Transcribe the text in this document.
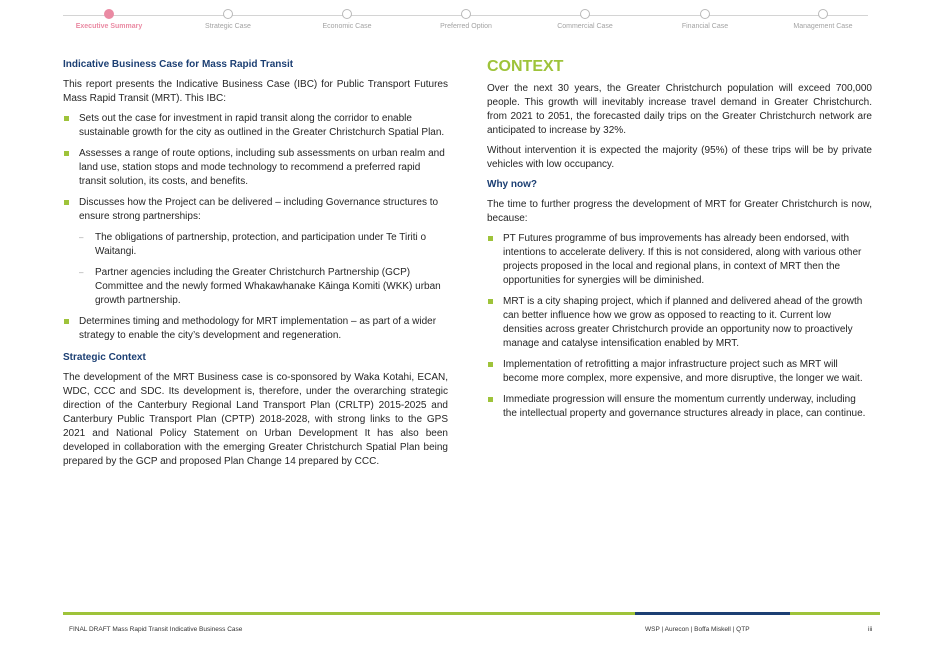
Executive Summary	Strategic Case	Economic Case	Preferred Option	Commercial Case	Financial Case	Management Case
Indicative Business Case for Mass Rapid Transit

This report presents the Indicative Business Case (IBC) for Public Transport Futures Mass Rapid Transit (MRT). This IBC:

Sets out the case for investment in rapid transit along the corridor to enable sustainable growth for the city as outlined in the Greater Christchurch Spatial Plan.
Assesses a range of route options, including sub assessments on urban realm and land use, station stops and mode technology to recommend a preferred rapid transit solution, its costs, and benefits.
Discusses how the Project can be delivered – including Governance structures to ensure strong partnerships:
– The obligations of partnership, protection, and participation under Te Tiriti o Waitangi.
– Partner agencies including the Greater Christchurch Partnership (GCP) Committee and the newly formed Whakawhanake Kāinga Komiti (WKK) urban growth partnership.
Determines timing and methodology for MRT implementation – as part of a wider strategy to enable the city’s development and regeneration.
Strategic Context

The development of the MRT Business case is co-sponsored by Waka Kotahi, ECAN, WDC, CCC and SDC. Its development is, therefore, under the overarching strategic direction of the Canterbury Regional Land Transport Plan (CRLTP) 2015-2025 and Canterbury Public Transport Plan (CPTP) 2018-2028, with strong links to the GPS 2021 and National Policy Statement on Urban Development It has also been developed in collaboration with the emerging Greater Christchurch Spatial Plan being prepared by the GCP and proposed Plan Change 14 prepared by CCC.

CONTEXT

Over the next 30 years, the Greater Christchurch population will exceed 700,000 people. This growth will inevitably increase travel demand in Greater Christchurch. from 2021 to 2051, the forecasted daily trips on the Greater Christchurch network are anticipated to increase by 32%.

Without intervention it is expected the majority (95%) of these trips will be by private vehicles with low occupancy.

Why now?

The time to further progress the development of MRT for Greater Christchurch is now, because:

PT Futures programme of bus improvements has already been endorsed, with intentions to accelerate delivery. If this is not considered, along with various other projects proposed in the local and regional plans, in context of MRT then the opportunities for synergies will be diminished.
MRT is a city shaping project, which if planned and delivered ahead of the growth can better influence how we grow as opposed to reacting to it. Current low densities across greater Christchurch provide an opportunity now to proactively manage and catalyse intensification enabled by MRT.
Implementation of retrofitting a major infrastructure project such as MRT will become more complex, more expensive, and more disruptive, the longer we wait.
Immediate progression will ensure the momentum currently underway, including the intellectual property and governance structures already in place, can continue.
FINAL DRAFT Mass Rapid Transit Indicative Business Case	WSP | Aurecon | Boffa Miskell | QTP	iii
